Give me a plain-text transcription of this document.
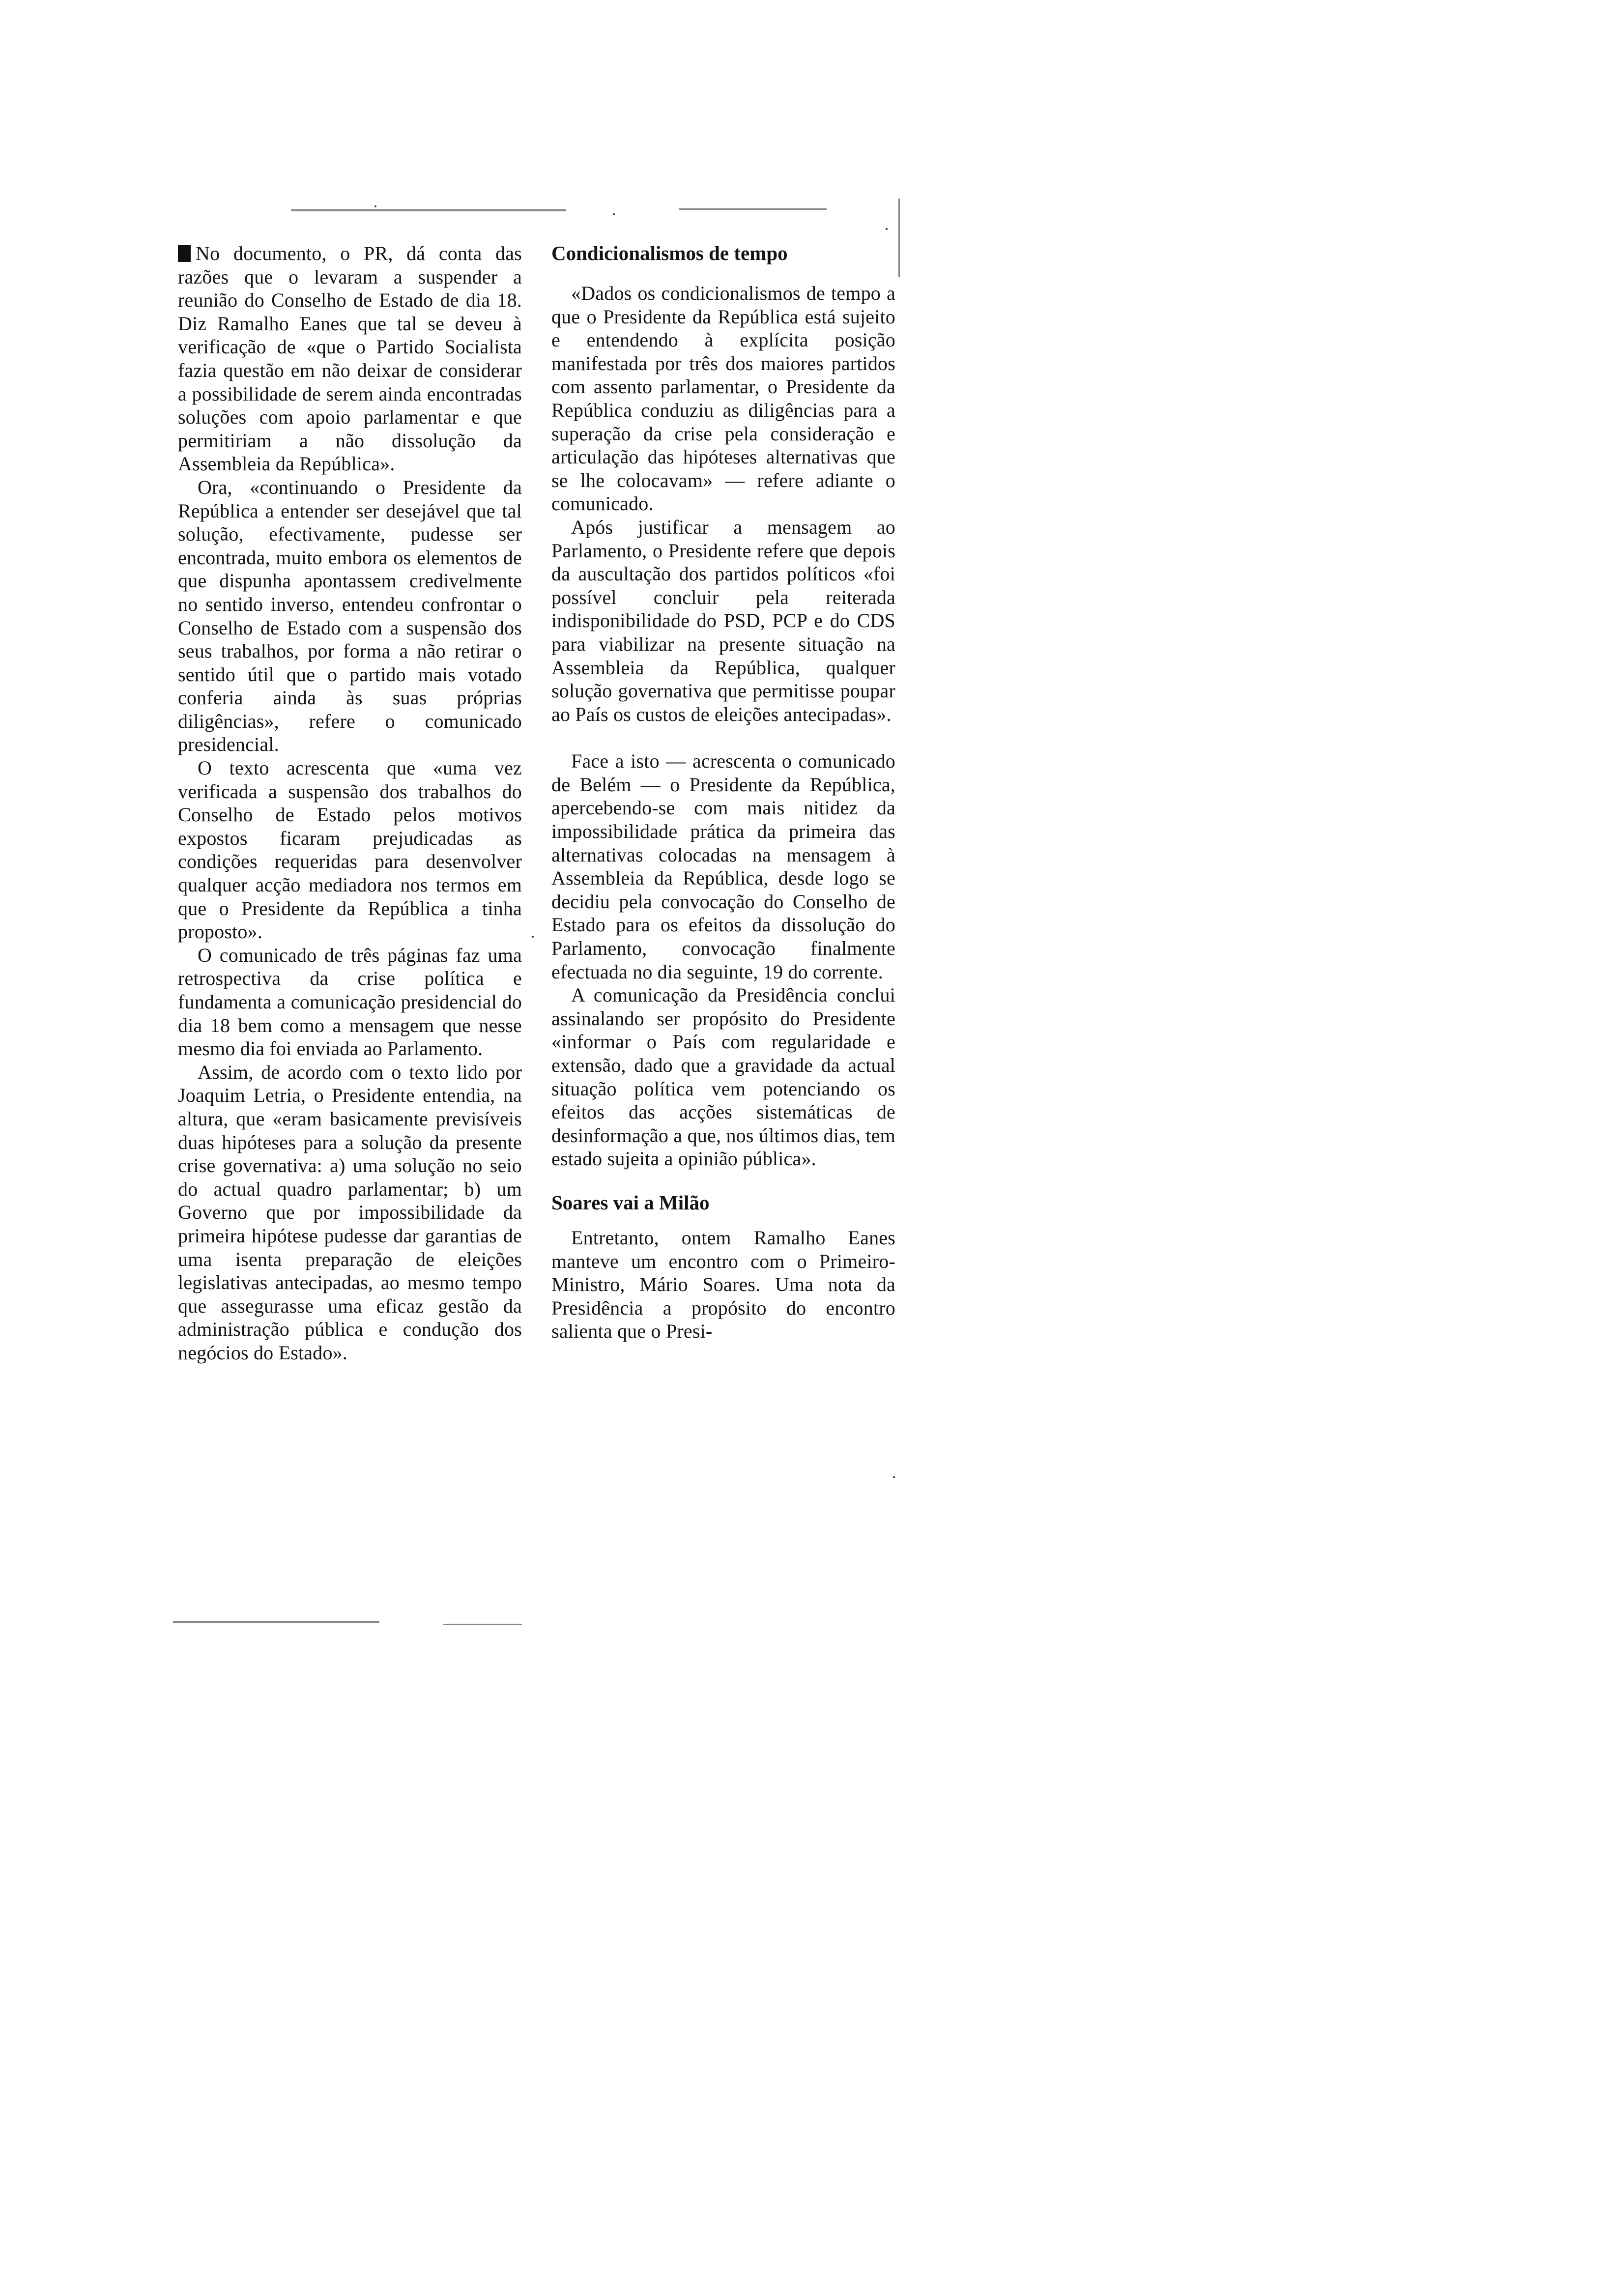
No documento, o PR, dá conta das razões que o levaram a suspender a reunião do Conselho de Estado de dia 18. Diz Ramalho Eanes que tal se deveu à verificação de «que o Partido Socialista fazia questão em não deixar de considerar a possibilidade de serem ainda encontradas soluções com apoio parlamentar e que permitiriam a não dissolução da Assembleia da República».

Ora, «continuando o Presidente da República a entender ser desejável que tal solução, efectivamente, pudesse ser encontrada, muito embora os elementos de que dispunha apontassem credivelmente no sentido inverso, entendeu confrontar o Conselho de Estado com a suspensão dos seus trabalhos, por forma a não retirar o sentido útil que o partido mais votado conferia ainda às suas próprias diligências», refere o comunicado presidencial.

O texto acrescenta que «uma vez verificada a suspensão dos trabalhos do Conselho de Estado pelos motivos expostos ficaram prejudicadas as condições requeridas para desenvolver qualquer acção mediadora nos termos em que o Presidente da República a tinha proposto».

O comunicado de três páginas faz uma retrospectiva da crise política e fundamenta a comunicação presidencial do dia 18 bem como a mensagem que nesse mesmo dia foi enviada ao Parlamento.

Assim, de acordo com o texto lido por Joaquim Letria, o Presidente entendia, na altura, que «eram basicamente previsíveis duas hipóteses para a solução da presente crise governativa: a) uma solução no seio do actual quadro parlamentar; b) um Governo que por impossibilidade da primeira hipótese pudesse dar garantias de uma isenta preparação de eleições legislativas antecipadas, ao mesmo tempo que assegurasse uma eficaz gestão da administração pública e condução dos negócios do Estado».

Condicionalismos de tempo

«Dados os condicionalismos de tempo a que o Presidente da República está sujeito e entendendo à explícita posição manifestada por três dos maiores partidos com assento parlamentar, o Presidente da República conduziu as diligências para a superação da crise pela consideração e articulação das hipóteses alternativas que se lhe colocavam» — refere adiante o comunicado.

Após justificar a mensagem ao Parlamento, o Presidente refere que depois da auscultação dos partidos políticos «foi possível concluir pela reiterada indisponibilidade do PSD, PCP e do CDS para viabilizar na presente situação na Assembleia da República, qualquer solução governativa que permitisse poupar ao País os custos de eleições antecipadas».

Face a isto — acrescenta o comunicado de Belém — o Presidente da República, apercebendo-se com mais nitidez da impossibilidade prática da primeira das alternativas colocadas na mensagem à Assembleia da República, desde logo se decidiu pela convocação do Conselho de Estado para os efeitos da dissolução do Parlamento, convocação finalmente efectuada no dia seguinte, 19 do corrente.

A comunicação da Presidência conclui assinalando ser propósito do Presidente «informar o País com regularidade e extensão, dado que a gravidade da actual situação política vem potenciando os efeitos das acções sistemáticas de desinformação a que, nos últimos dias, tem estado sujeita a opinião pública».

Soares vai a Milão

Entretanto, ontem Ramalho Eanes manteve um encontro com o Primeiro-Ministro, Mário Soares. Uma nota da Presidência a propósito do encontro salienta que o Presi-
